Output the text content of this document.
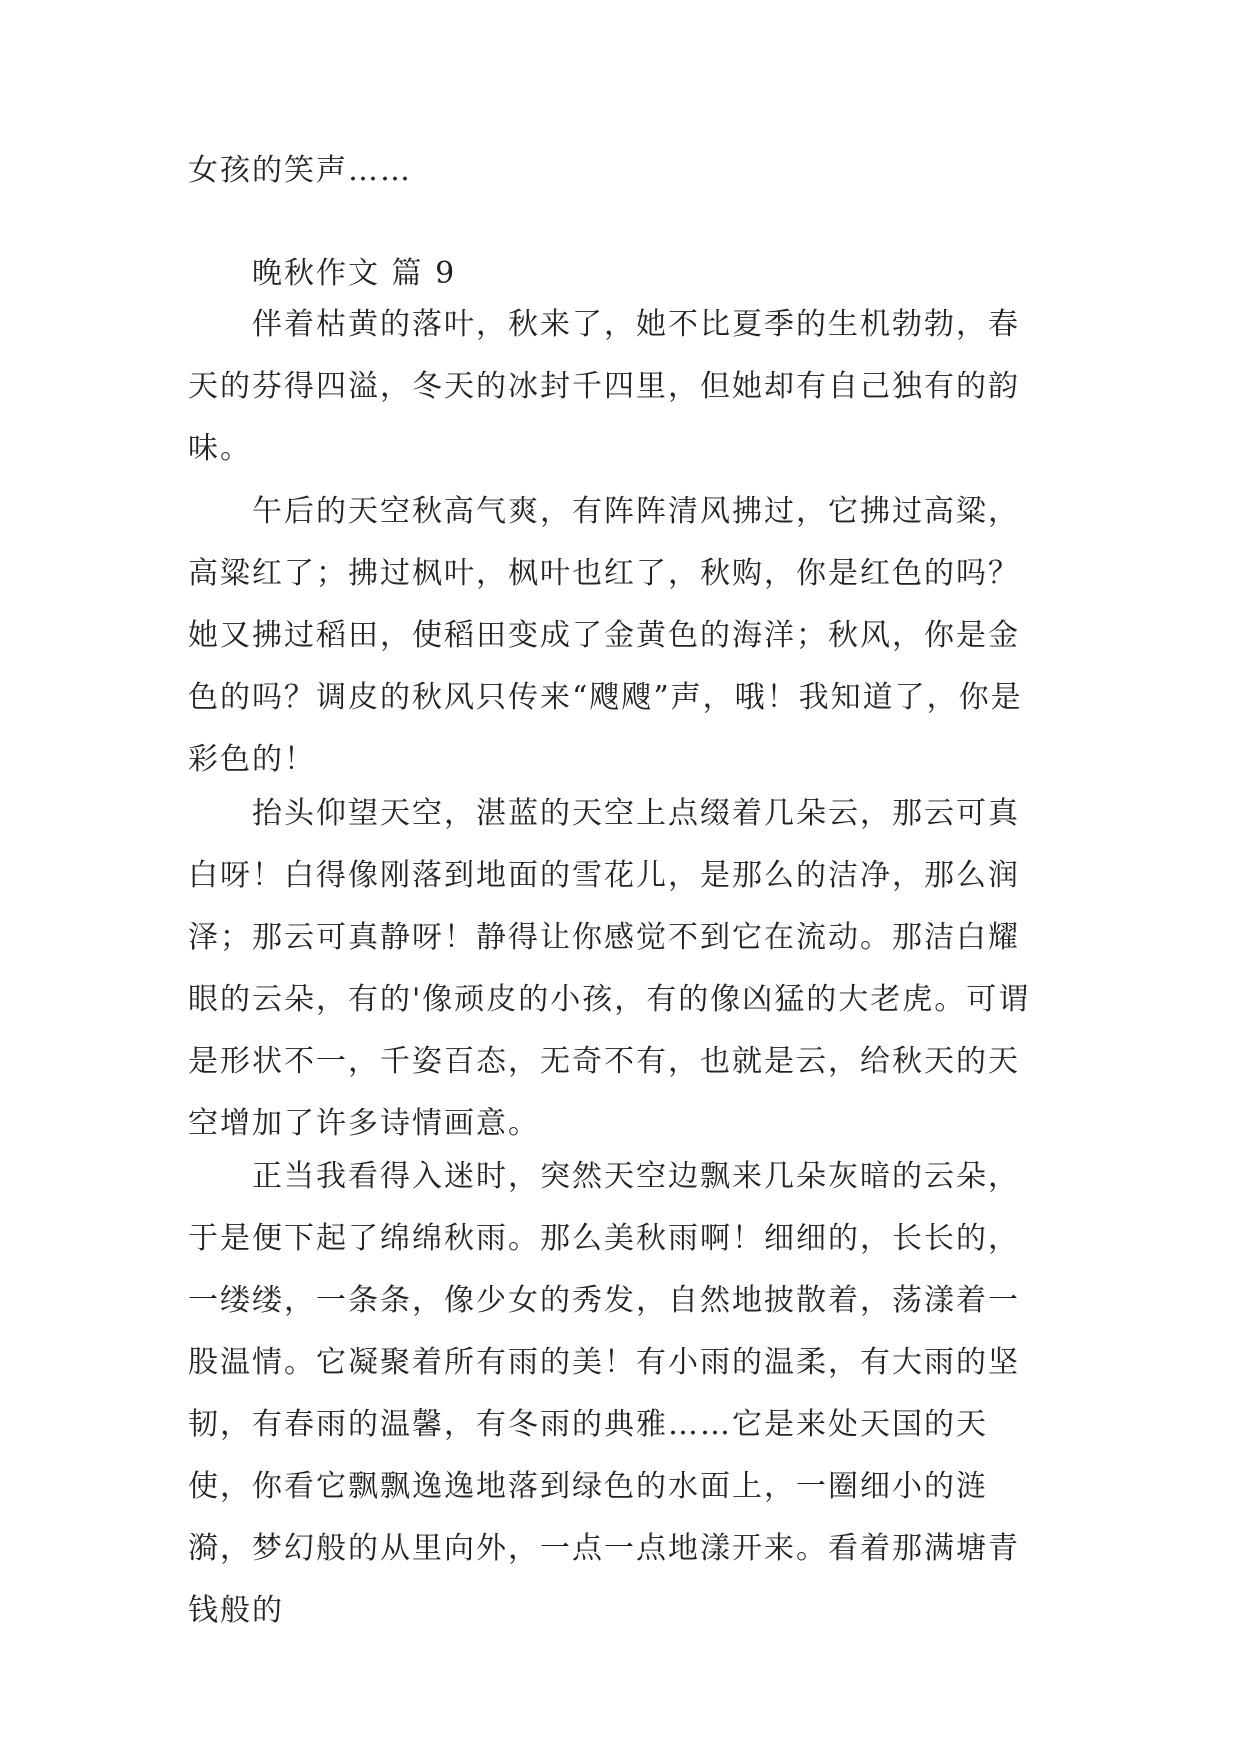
女孩的笑声……
晚秋作文 篇 9
伴着枯黄的落叶，秋来了，她不比夏季的生机勃勃，春天的芬得四溢，冬天的冰封千四里，但她却有自己独有的韵味。
午后的天空秋高气爽，有阵阵清风拂过，它拂过高粱，高粱红了；拂过枫叶，枫叶也红了，秋购，你是红色的吗？她又拂过稻田，使稻田变成了金黄色的海洋；秋风，你是金色的吗？调皮的秋风只传来“飕飕”声，哦！我知道了，你是彩色的！
抬头仰望天空，湛蓝的天空上点缀着几朵云，那云可真白呀！白得像刚落到地面的雪花儿，是那么的洁净，那么润泽；那云可真静呀！静得让你感觉不到它在流动。那洁白耀眼的云朵，有的'像顽皮的小孩，有的像凶猛的大老虎。可谓是形状不一，千姿百态，无奇不有，也就是云，给秋天的天空增加了许多诗情画意。
正当我看得入迷时，突然天空边飘来几朵灰暗的云朵，于是便下起了绵绵秋雨。那么美秋雨啊！细细的，长长的，一缕缕，一条条，像少女的秀发，自然地披散着，荡漾着一股温情。它凝聚着所有雨的美！有小雨的温柔，有大雨的坚韧，有春雨的温馨，有冬雨的典雅……它是来处天国的天使，你看它飘飘逸逸地落到绿色的水面上，一圈细小的涟漪，梦幻般的从里向外，一点一点地漾开来。看着那满塘青钱般的
